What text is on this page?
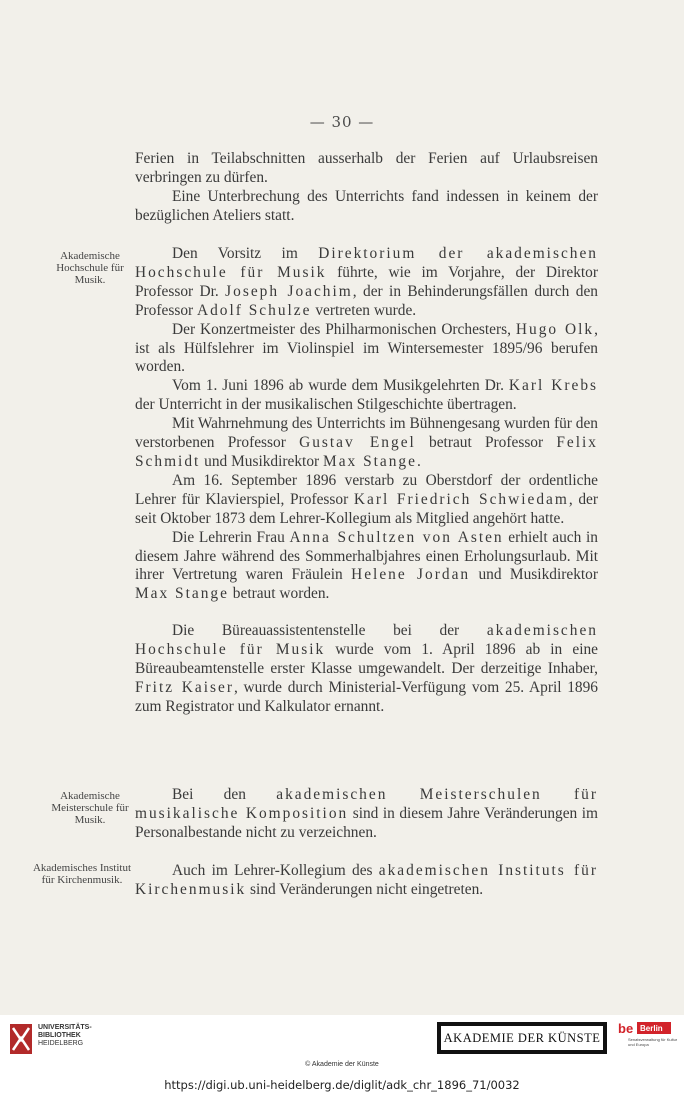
— 30 —

Ferien in Teilabschnitten ausserhalb der Ferien auf Urlaubsreisen verbringen zu dürfen.

Eine Unterbrechung des Unterrichts fand indessen in keinem der bezüglichen Ateliers statt.

Akademische Hochschule für Musik.

Den Vorsitz im Direktorium der akademischen Hochschule für Musik führte, wie im Vorjahre, der Direktor Professor Dr. Joseph Joachim, der in Behinderungsfällen durch den Professor Adolf Schulze vertreten wurde.

Der Konzertmeister des Philharmonischen Orchesters, Hugo Olk, ist als Hülfslehrer im Violinspiel im Wintersemester 1895/96 berufen worden.

Vom 1. Juni 1896 ab wurde dem Musikgelehrten Dr. Karl Krebs der Unterricht in der musikalischen Stilgeschichte übertragen.

Mit Wahrnehmung des Unterrichts im Bühnengesang wurden für den verstorbenen Professor Gustav Engel betraut Professor Felix Schmidt und Musikdirektor Max Stange.

Am 16. September 1896 verstarb zu Oberstdorf der ordentliche Lehrer für Klavierspiel, Professor Karl Friedrich Schwiedam, der seit Oktober 1873 dem Lehrer-Kollegium als Mitglied angehört hatte.

Die Lehrerin Frau Anna Schultzen von Asten erhielt auch in diesem Jahre während des Sommerhalbjahres einen Erholungsurlaub. Mit ihrer Vertretung waren Fräulein Helene Jordan und Musikdirektor Max Stange betraut worden.

Die Büreauassistentenstelle bei der akademischen Hochschule für Musik wurde vom 1. April 1896 ab in eine Büreaubeamtenstelle erster Klasse umgewandelt. Der derzeitige Inhaber, Fritz Kaiser, wurde durch Ministerial-Verfügung vom 25. April 1896 zum Registrator und Kalkulator ernannt.

Akademische Meisterschule für Musik.

Bei den akademischen Meisterschulen für musikalische Komposition sind in diesem Jahre Veränderungen im Personalbestande nicht zu verzeichnen.

Akademisches Institut für Kirchenmusik.

Auch im Lehrer-Kollegium des akademischen Instituts für Kirchenmusik sind Veränderungen nicht eingetreten.

UNIVERSITÄTS-
BIBLIOTHEK
HEIDELBERG	AKADEMIE DER KÜNSTE
be Berlin
Senatsverwaltung für Kultur und Europa
© Akademie der Künste
https://digi.ub.uni-heidelberg.de/diglit/adk_chr_1896_71/0032
